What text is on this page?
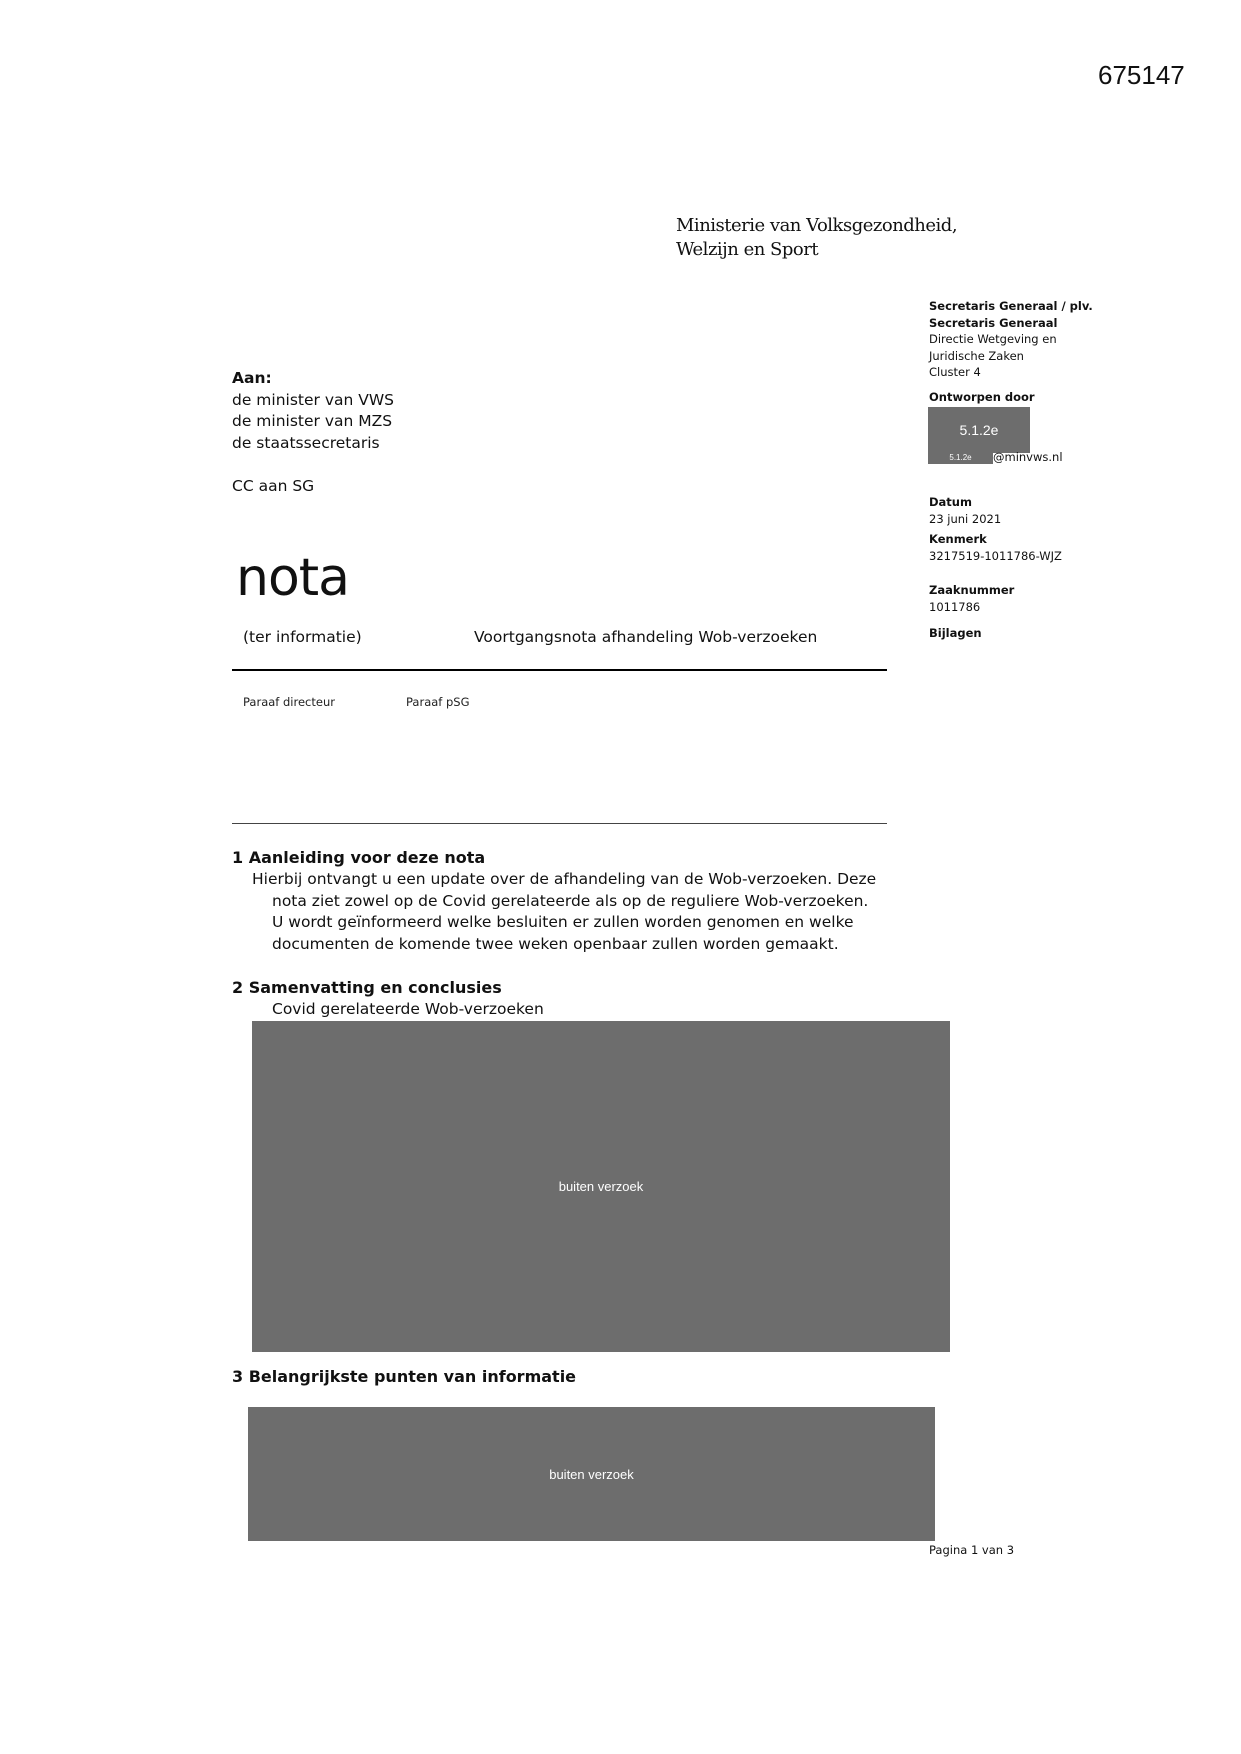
675147
Ministerie van Volksgezondheid,
Welzijn en Sport
Secretaris Generaal / plv.
Secretaris Generaal
Directie Wetgeving en
Juridische Zaken
Cluster 4
Ontworpen door
5.1.2e
5.1.2e	@minvws.nl
Datum
23 juni 2021
Kenmerk
3217519-1011786-WJZ
Zaaknummer
1011786
Bijlagen
Aan:
de minister van VWS
de minister van MZS
de staatssecretaris
CC aan SG
nota
(ter informatie)	Voortgangsnota afhandeling Wob-verzoeken
Paraaf directeur	Paraaf pSG
1 Aanleiding voor deze nota
Hierbij ontvangt u een update over de afhandeling van de Wob-verzoeken. Deze
nota ziet zowel op de Covid gerelateerde als op de reguliere Wob-verzoeken.
U wordt geïnformeerd welke besluiten er zullen worden genomen en welke
documenten de komende twee weken openbaar zullen worden gemaakt.
2 Samenvatting en conclusies
Covid gerelateerde Wob-verzoeken
buiten verzoek
3 Belangrijkste punten van informatie
buiten verzoek
Pagina 1 van 3
